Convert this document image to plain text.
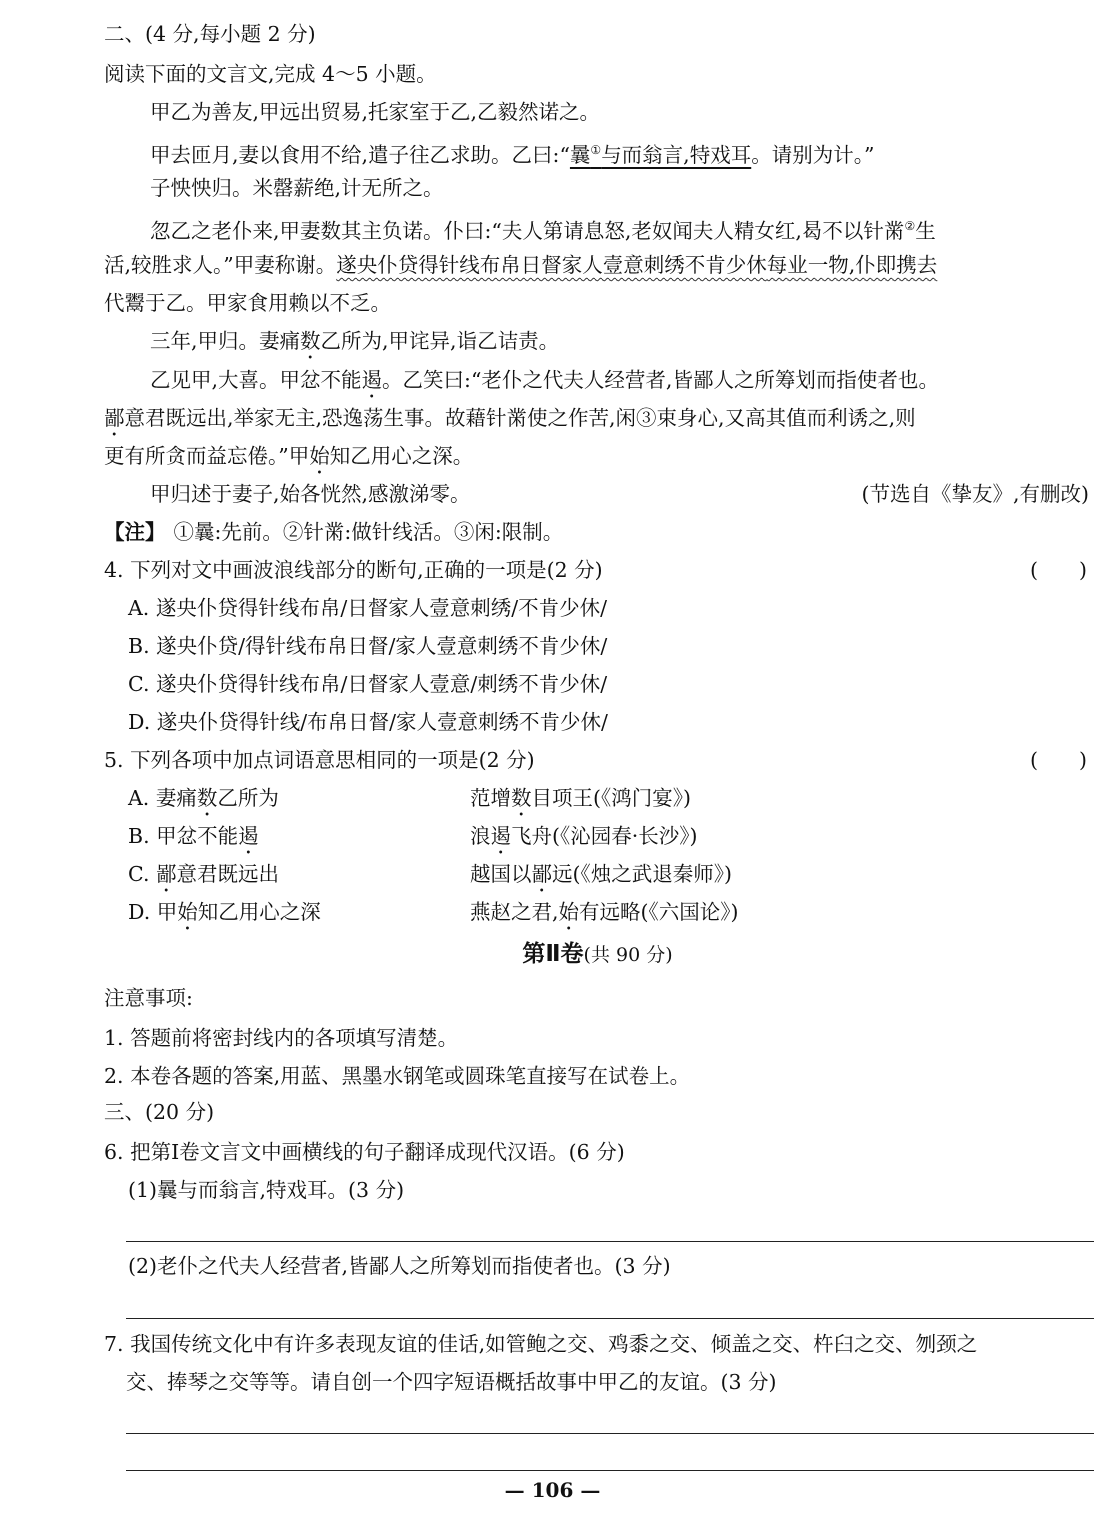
二、(4 分,每小题 2 分)
阅读下面的文言文,完成 4～5 小题。
甲乙为善友,甲远出贸易,托家室于乙,乙毅然诺之。
甲去匝月,妻以食用不给,遣子往乙求助。乙曰:“曩①与而翁言,特戏耳。请别为计。”
子怏怏归。米罄薪绝,计无所之。
忽乙之老仆来,甲妻数其主负诺。仆曰:“夫人第请息怒,老奴闻夫人精女红,曷不以针黹②生
活,较胜求人。”甲妻称谢。遂央仆贷得针线布帛日督家人壹意刺绣不肯少休每业一物,仆即携去
代鬻于乙。甲家食用赖以不乏。
三年,甲归。妻痛数乙所为,甲诧异,诣乙诘责。
乙见甲,大喜。甲忿不能遏。乙笑曰:“老仆之代夫人经营者,皆鄙人之所筹划而指使者也。
鄙意君既远出,举家无主,恐逸荡生事。故藉针黹使之作苦,闲③束身心,又高其值而利诱之,则
更有所贪而益忘倦。”甲始知乙用心之深。
甲归述于妻子,始各恍然,感激涕零。	(节选自《挚友》,有删改)
【注】 ①曩:先前。②针黹:做针线活。③闲:限制。
4. 下列对文中画波浪线部分的断句,正确的一项是(2 分)	(　　)
A. 遂央仆贷得针线布帛/日督家人壹意刺绣/不肯少休/
B. 遂央仆贷/得针线布帛日督/家人壹意刺绣不肯少休/
C. 遂央仆贷得针线布帛/日督家人壹意/刺绣不肯少休/
D. 遂央仆贷得针线/布帛日督/家人壹意刺绣不肯少休/
5. 下列各项中加点词语意思相同的一项是(2 分)	(　　)
A. 妻痛数乙所为	范增数目项王(《鸿门宴》)
B. 甲忿不能遏	浪遏飞舟(《沁园春·长沙》)
C. 鄙意君既远出	越国以鄙远(《烛之武退秦师》)
D. 甲始知乙用心之深	燕赵之君,始有远略(《六国论》)
第Ⅱ卷(共 90 分)
注意事项:
1. 答题前将密封线内的各项填写清楚。
2. 本卷各题的答案,用蓝、黑墨水钢笔或圆珠笔直接写在试卷上。
三、(20 分)
6. 把第Ⅰ卷文言文中画横线的句子翻译成现代汉语。(6 分)
(1)曩与而翁言,特戏耳。(3 分)
(2)老仆之代夫人经营者,皆鄙人之所筹划而指使者也。(3 分)
7. 我国传统文化中有许多表现友谊的佳话,如管鲍之交、鸡黍之交、倾盖之交、杵臼之交、刎颈之
交、捧琴之交等等。请自创一个四字短语概括故事中甲乙的友谊。(3 分)
— 106 —
